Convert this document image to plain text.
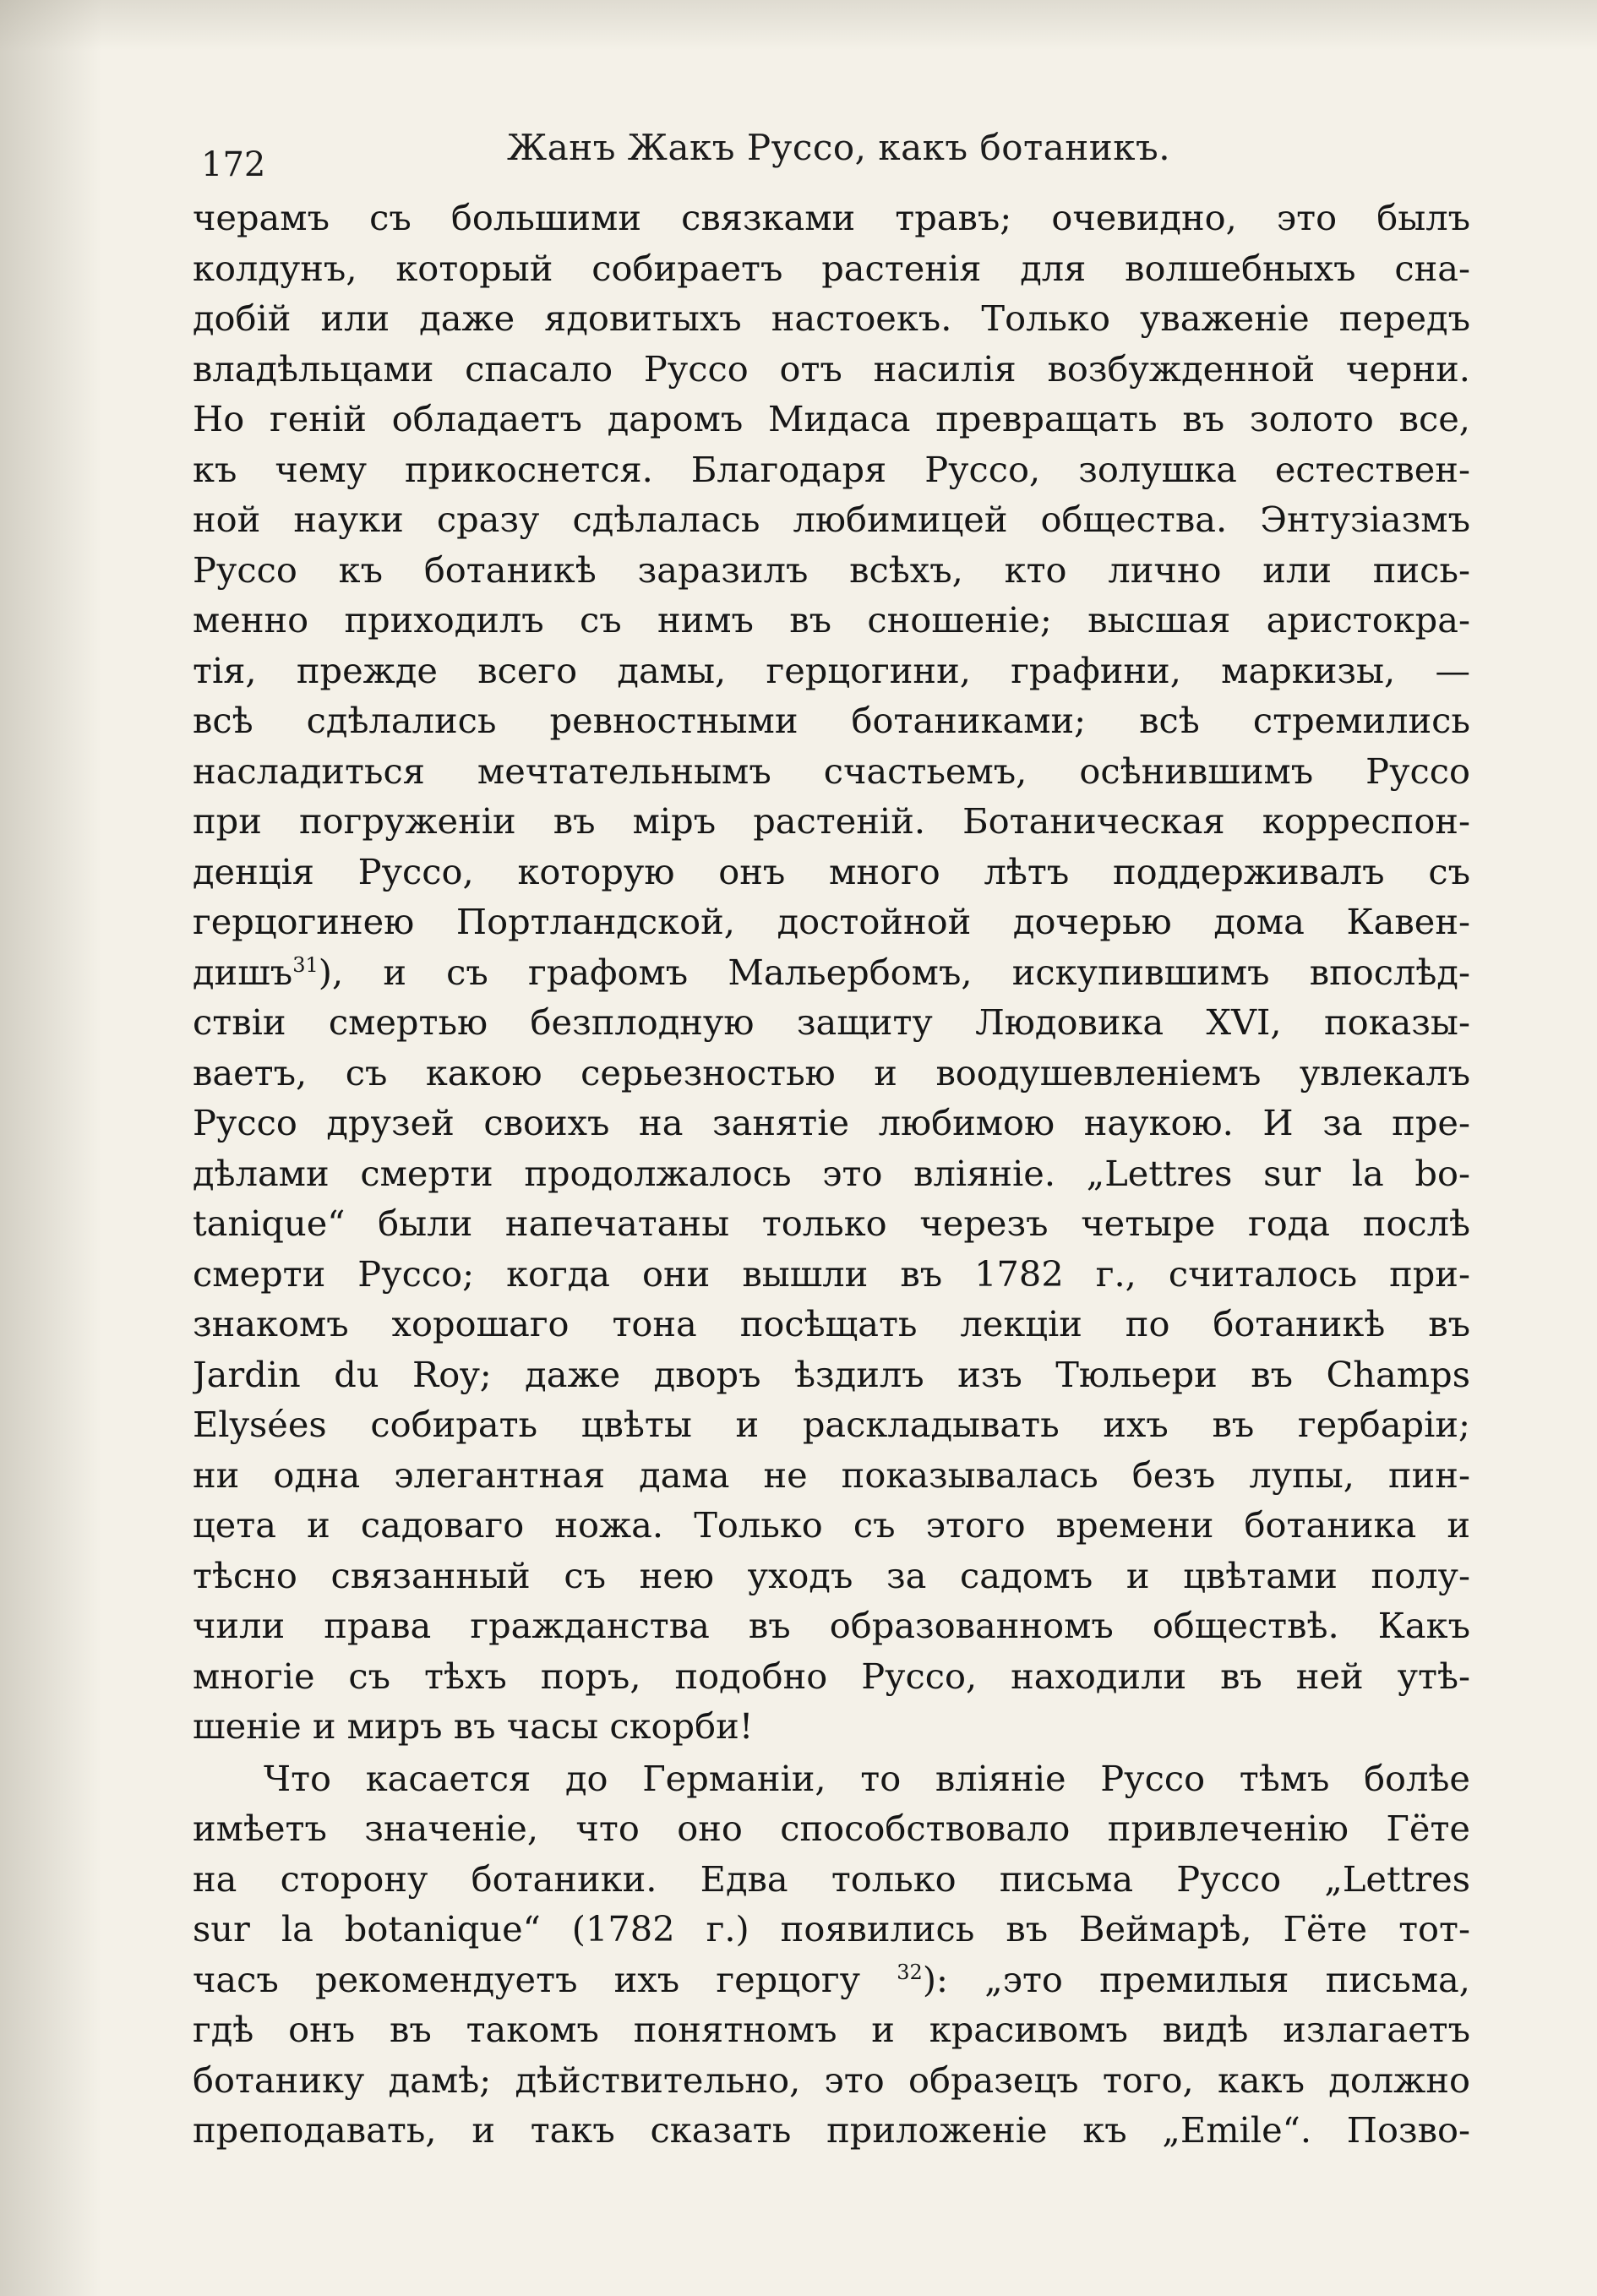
172	Жанъ Жакъ Руссо, какъ ботаникъ.
черамъ съ большими связками травъ; очевидно, это былъ
колдунъ, который собираетъ растенія для волшебныхъ сна-
добій или даже ядовитыхъ настоекъ. Только уваженіе передъ
владѣльцами спасало Руссо отъ насилія возбужденной черни.
Но геній обладаетъ даромъ Мидаса превращать въ золото все,
къ чему прикоснется. Благодаря Руссо, золушка естествен-
ной науки сразу сдѣлалась любимицей общества. Энтузіазмъ
Руссо къ ботаникѣ заразилъ всѣхъ, кто лично или пись-
менно приходилъ съ нимъ въ сношеніе; высшая аристокра-
тія, прежде всего дамы, герцогини, графини, маркизы, —
всѣ сдѣлались ревностными ботаниками; всѣ стремились
насладиться мечтательнымъ счастьемъ, осѣнившимъ Руссо
при погруженіи въ міръ растеній. Ботаническая корреспон-
денція Руссо, которую онъ много лѣтъ поддерживалъ съ
герцогинею Портландской, достойной дочерью дома Кавен-
дишъ$^{31}$), и съ графомъ Мальербомъ, искупившимъ впослѣд-
ствіи смертью безплодную защиту Людовика XVI, показы-
ваетъ, съ какою серьезностью и воодушевленіемъ увлекалъ
Руссо друзей своихъ на занятіе любимою наукою. И за пре-
дѣлами смерти продолжалось это вліяніе. „Lettres sur la bo-
tanique“ были напечатаны только черезъ четыре года послѣ
смерти Руссо; когда они вышли въ 1782 г., считалось при-
знакомъ хорошаго тона посѣщать лекціи по ботаникѣ въ
Jardin du Roy; даже дворъ ѣздилъ изъ Тюльери въ Champs
Elysées собирать цвѣты и раскладывать ихъ въ гербаріи;
ни одна элегантная дама не показывалась безъ лупы, пин-
цета и садоваго ножа. Только съ этого времени ботаника и
тѣсно связанный съ нею уходъ за садомъ и цвѣтами полу-
чили права гражданства въ образованномъ обществѣ. Какъ
многіе съ тѣхъ поръ, подобно Руссо, находили въ ней утѣ-
шеніе и миръ въ часы скорби!
Что касается до Германіи, то вліяніе Руссо тѣмъ болѣе
имѣетъ значеніе, что оно способствовало привлеченію Гёте
на сторону ботаники. Едва только письма Руссо „Lettres
sur la botanique“ (1782 г.) появились въ Веймарѣ, Гёте тот-
часъ рекомендуетъ ихъ герцогу $^{32}$): „это премилыя письма,
гдѣ онъ въ такомъ понятномъ и красивомъ видѣ излагаетъ
ботанику дамѣ; дѣйствительно, это образецъ того, какъ должно
преподавать, и такъ сказать приложеніе къ „Emile“. Позво-
